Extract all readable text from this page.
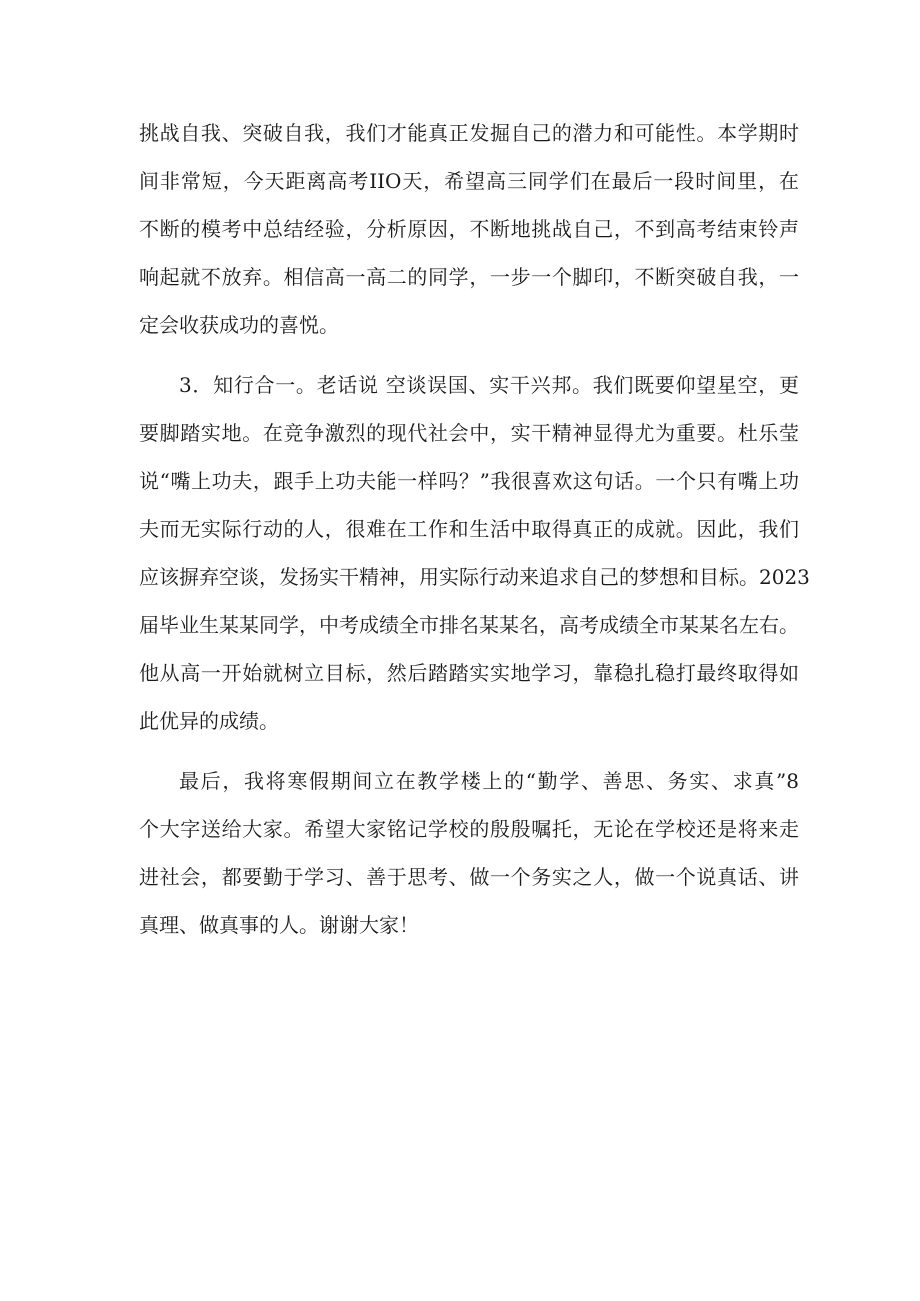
挑战自我、突破自我，我们才能真正发掘自己的潜力和可能性。本学期时
间非常短，今天距离高考IIO天，希望高三同学们在最后一段时间里，在
不断的模考中总结经验，分析原因，不断地挑战自己，不到高考结束铃声
响起就不放弃。相信高一高二的同学，一步一个脚印，不断突破自我，一
定会收获成功的喜悦。
3．知行合一。老话说 空谈误国、实干兴邦。我们既要仰望星空，更
要脚踏实地。在竞争激烈的现代社会中，实干精神显得尤为重要。杜乐莹
说“嘴上功夫，跟手上功夫能一样吗？”我很喜欢这句话。一个只有嘴上功
夫而无实际行动的人，很难在工作和生活中取得真正的成就。因此，我们
应该摒弃空谈，发扬实干精神，用实际行动来追求自己的梦想和目标。2023
届毕业生某某同学，中考成绩全市排名某某名，高考成绩全市某某名左右。
他从高一开始就树立目标，然后踏踏实实地学习，靠稳扎稳打最终取得如
此优异的成绩。
最后，我将寒假期间立在教学楼上的“勤学、善思、务实、求真”8
个大字送给大家。希望大家铭记学校的殷殷嘱托，无论在学校还是将来走
进社会，都要勤于学习、善于思考、做一个务实之人，做一个说真话、讲
真理、做真事的人。谢谢大家！
